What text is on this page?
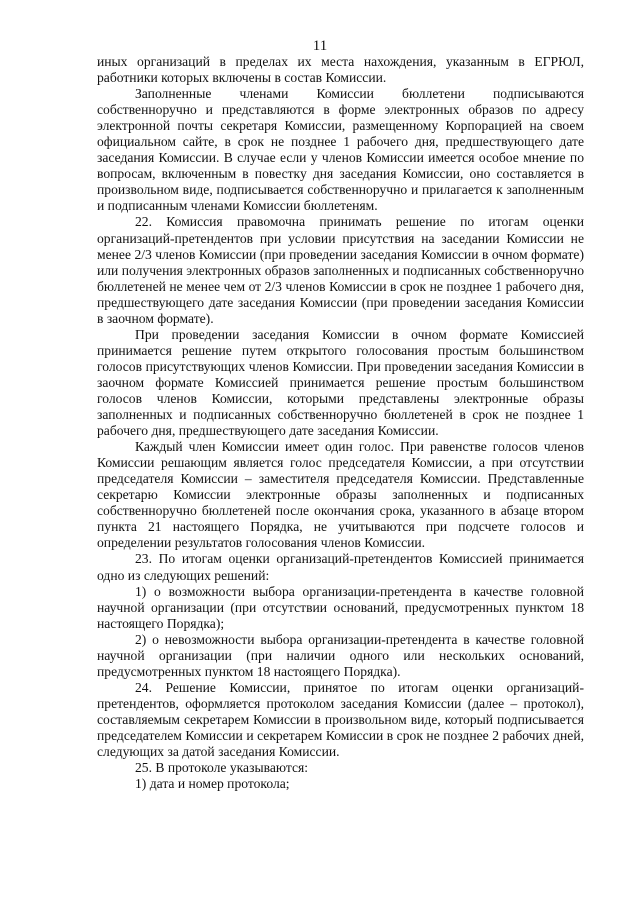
11

иных организаций в пределах их места нахождения, указанным в ЕГРЮЛ, работники которых включены в состав Комиссии.

Заполненные членами Комиссии бюллетени подписываются собственноручно и представляются в форме электронных образов по адресу электронной почты секретаря Комиссии, размещенному Корпорацией на своем официальном сайте, в срок не позднее 1 рабочего дня, предшествующего дате заседания Комиссии. В случае если у членов Комиссии имеется особое мнение по вопросам, включенным в повестку дня заседания Комиссии, оно составляется в произвольном виде, подписывается собственноручно и прилагается к заполненным и подписанным членами Комиссии бюллетеням.

22. Комиссия правомочна принимать решение по итогам оценки организаций-претендентов при условии присутствия на заседании Комиссии не менее 2/3 членов Комиссии (при проведении заседания Комиссии в очном формате) или получения электронных образов заполненных и подписанных собственноручно бюллетеней не менее чем от 2/3 членов Комиссии в срок не позднее 1 рабочего дня, предшествующего дате заседания Комиссии (при проведении заседания Комиссии в заочном формате).

При проведении заседания Комиссии в очном формате Комиссией принимается решение путем открытого голосования простым большинством голосов присутствующих членов Комиссии. При проведении заседания Комиссии в заочном формате Комиссией принимается решение простым большинством голосов членов Комиссии, которыми представлены электронные образы заполненных и подписанных собственноручно бюллетеней в срок не позднее 1 рабочего дня, предшествующего дате заседания Комиссии.

Каждый член Комиссии имеет один голос. При равенстве голосов членов Комиссии решающим является голос председателя Комиссии, а при отсутствии председателя Комиссии – заместителя председателя Комиссии. Представленные секретарю Комиссии электронные образы заполненных и подписанных собственноручно бюллетеней после окончания срока, указанного в абзаце втором пункта 21 настоящего Порядка, не учитываются при подсчете голосов и определении результатов голосования членов Комиссии.

23. По итогам оценки организаций-претендентов Комиссией принимается одно из следующих решений:

1) о возможности выбора организации-претендента в качестве головной научной организации (при отсутствии оснований, предусмотренных пунктом 18 настоящего Порядка);

2) о невозможности выбора организации-претендента в качестве головной научной организации (при наличии одного или нескольких оснований, предусмотренных пунктом 18 настоящего Порядка).

24. Решение Комиссии, принятое по итогам оценки организаций-претендентов, оформляется протоколом заседания Комиссии (далее – протокол), составляемым секретарем Комиссии в произвольном виде, который подписывается председателем Комиссии и секретарем Комиссии в срок не позднее 2 рабочих дней, следующих за датой заседания Комиссии.

25. В протоколе указываются:

1) дата и номер протокола;
